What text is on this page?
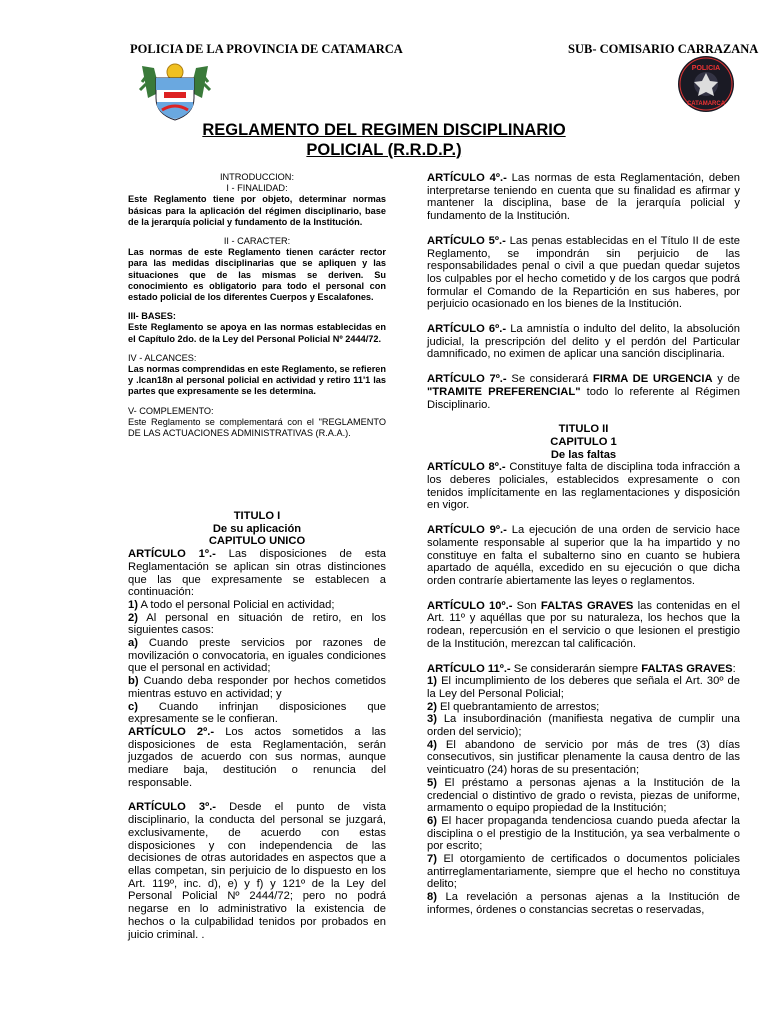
POLICIA DE LA PROVINCIA DE CATAMARCA	SUB- COMISARIO CARRAZANA
POLICIA
CATAMARCA
REGLAMENTO DEL REGIMEN DISCIPLINARIO
POLICIAL (R.R.D.P.)

INTRODUCCION:

I - FINALIDAD:

Este Reglamento tiene por objeto, determinar normas básicas para la aplicación del régimen disciplinario, base de la jerarquía policial y fundamento de la Institución.

II - CARACTER:

Las normas de este Reglamento tienen carácter rector para las medidas disciplinarias que se apliquen y las situaciones que de las mismas se deriven. Su conocimiento es obligatorio para todo el personal con estado policial de los diferentes Cuerpos y Escalafones.

III- BASES:

Este Reglamento se apoya en las normas establecidas en el Capítulo 2do. de la Ley del Personal Policial Nº 2444/72.

IV - ALCANCES:

Las normas comprendidas en este Reglamento, se refieren y .lcan18n al personal policial en actividad y retiro 11'1 las partes que expresamente se les determina.

V- COMPLEMENTO:

Este Reglamento se complementará con el "REGLAMENTO DE LAS ACTUACIONES ADMINISTRATIVAS (R.A.A.).

TITULO I

De su aplicación

CAPITULO UNICO

ARTÍCULO 1º.- Las disposiciones de esta Reglamentación se aplican sin otras distinciones que las que expresamente se establecen a continuación:

1) A todo el personal Policial en actividad;

2) Al personal en situación de retiro, en los siguientes casos:

a) Cuando preste servicios por razones de movilización o convocatoria, en iguales condiciones que el personal en actividad;

b) Cuando deba responder por hechos cometidos mientras estuvo en actividad; y

c) Cuando infrinjan disposiciones que expresamente se le confieran.

ARTÍCULO 2º.- Los actos sometidos a las disposiciones de esta Reglamentación, serán juzgados de acuerdo con sus normas, aunque mediare baja, destitución o renuncia del responsable.

ARTÍCULO 3º.- Desde el punto de vista disciplinario, la conducta del personal se juzgará, exclusivamente, de acuerdo con estas disposiciones y con independencia de las decisiones de otras autoridades en aspectos que a ellas competan, sin perjuicio de lo dispuesto en los Art. 119º, inc. d), e) y f) y 121º de la Ley del Personal Policial Nº 2444/72; pero no podrá negarse en lo administrativo la existencia de hechos o la culpabilidad tenidos por probados en juicio criminal. .

ARTÍCULO 4º.- Las normas de esta Reglamentación, deben interpretarse teniendo en cuenta que su finalidad es afirmar y mantener la disciplina, base de la jerarquía policial y fundamento de la Institución.

ARTÍCULO 5º.- Las penas establecidas en el Título II de este Reglamento, se impondrán sin perjuicio de las responsabilidades penal o civil a que puedan quedar sujetos los culpables por el hecho cometido y de los cargos que podrá formular el Comando de la Repartición en sus haberes, por perjuicio ocasionado en los bienes de la Institución.

ARTÍCULO 6º.- La amnistía o indulto del delito, la absolución judicial, la prescripción del delito y el perdón del Particular damnificado, no eximen de aplicar una sanción disciplinaria.

ARTÍCULO 7º.- Se considerará FIRMA DE URGENCIA y de "TRAMITE PREFERENCIAL" todo lo referente al Régimen Disciplinario.

TITULO II

CAPITULO 1

De las faltas

ARTÍCULO 8º.- Constituye falta de disciplina toda infracción a los deberes policiales, establecidos expresamente o con tenidos implícitamente en las reglamentaciones y disposición en vigor.

ARTÍCULO 9º.- La ejecución de una orden de servicio hace solamente responsable al superior que la ha impartido y no constituye en falta el subalterno sino en cuanto se hubiera apartado de aquélla, excedido en su ejecución o que dicha orden contraríe abiertamente las leyes o reglamentos.

ARTÍCULO 10º.- Son FALTAS GRAVES las contenidas en el Art. 11º y aquéllas que por su naturaleza, los hechos que la rodean, repercusión en el servicio o que lesionen el prestigio de la Institución, merezcan tal calificación.

ARTÍCULO 11º.- Se considerarán siempre FALTAS GRAVES:

1) El incumplimiento de los deberes que señala el Art. 30º de la Ley del Personal Policial;

2) El quebrantamiento de arrestos;

3) La insubordinación (manifiesta negativa de cumplir una orden del servicio);

4) El abandono de servicio por más de tres (3) días consecutivos, sin justificar plenamente la causa dentro de las veinticuatro (24) horas de su presentación;

5) El préstamo a personas ajenas a la Institución de la credencial o distintivo de grado o revista, piezas de uniforme, armamento o equipo propiedad de la Institución;

6) El hacer propaganda tendenciosa cuando pueda afectar la disciplina o el prestigio de la Institución, ya sea verbalmente o por escrito;

7) El otorgamiento de certificados o documentos policiales antirreglamentariamente, siempre que el hecho no constituya delito;

8) La revelación a personas ajenas a la Institución de informes, órdenes o constancias secretas o reservadas,
